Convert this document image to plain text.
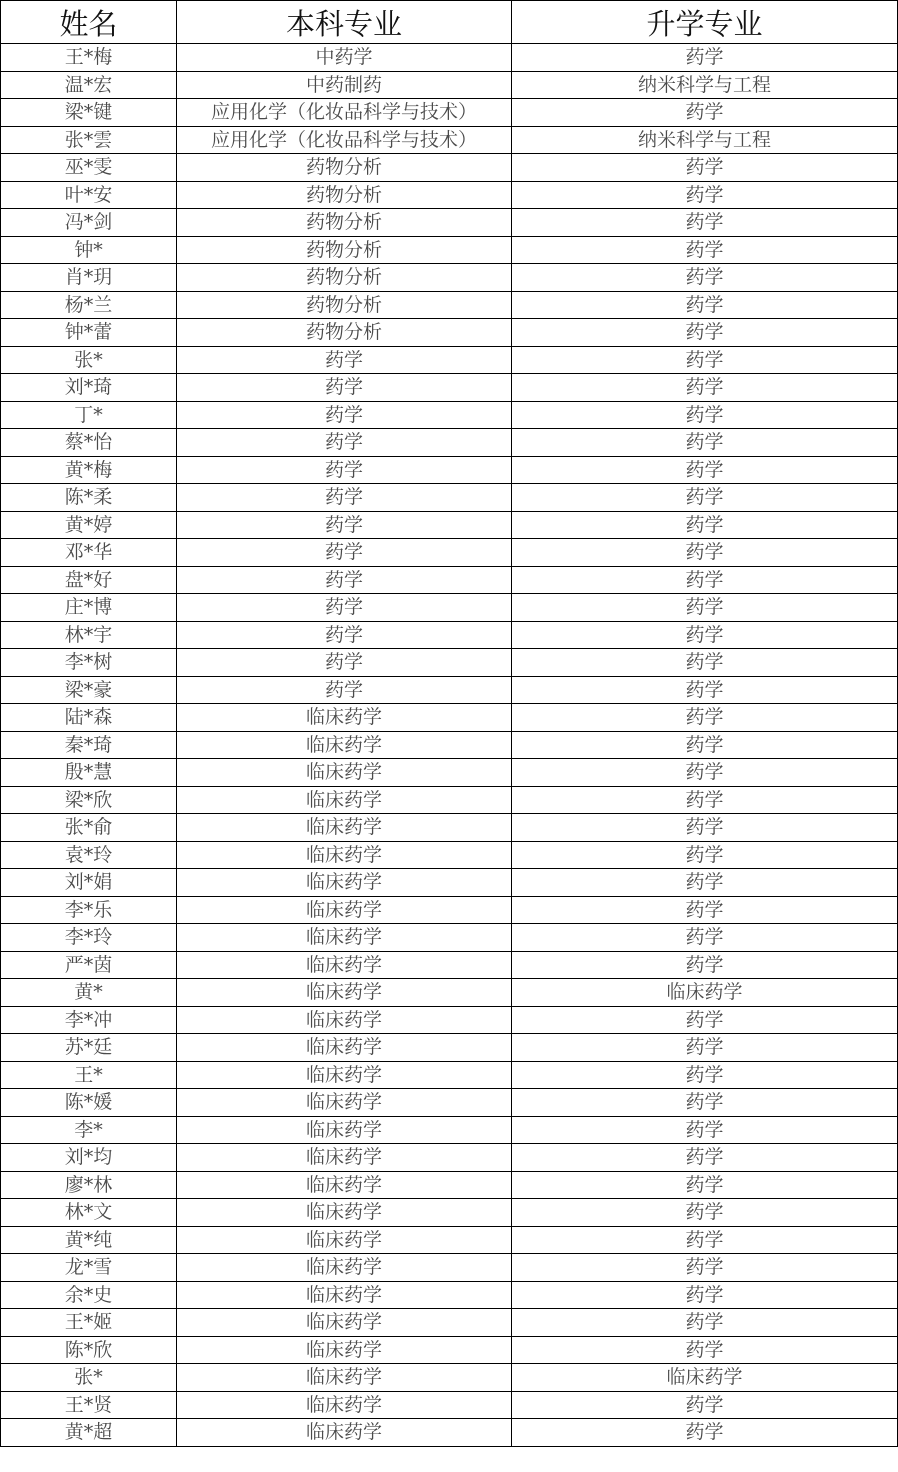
姓名	本科专业	升学专业
王*梅	中药学	药学
温*宏	中药制药	纳米科学与工程
梁*键	应用化学（化妆品科学与技术）	药学
张*雲	应用化学（化妆品科学与技术）	纳米科学与工程
巫*雯	药物分析	药学
叶*安	药物分析	药学
冯*剑	药物分析	药学
钟*	药物分析	药学
肖*玥	药物分析	药学
杨*兰	药物分析	药学
钟*蕾	药物分析	药学
张*	药学	药学
刘*琦	药学	药学
丁*	药学	药学
蔡*怡	药学	药学
黄*梅	药学	药学
陈*柔	药学	药学
黄*婷	药学	药学
邓*华	药学	药学
盘*好	药学	药学
庄*博	药学	药学
林*宇	药学	药学
李*树	药学	药学
梁*豪	药学	药学
陆*森	临床药学	药学
秦*琦	临床药学	药学
殷*慧	临床药学	药学
梁*欣	临床药学	药学
张*俞	临床药学	药学
袁*玲	临床药学	药学
刘*娟	临床药学	药学
李*乐	临床药学	药学
李*玲	临床药学	药学
严*茵	临床药学	药学
黄*	临床药学	临床药学
李*冲	临床药学	药学
苏*廷	临床药学	药学
王*	临床药学	药学
陈*媛	临床药学	药学
李*	临床药学	药学
刘*均	临床药学	药学
廖*林	临床药学	药学
林*文	临床药学	药学
黄*纯	临床药学	药学
龙*雪	临床药学	药学
余*史	临床药学	药学
王*姬	临床药学	药学
陈*欣	临床药学	药学
张*	临床药学	临床药学
王*贤	临床药学	药学
黄*超	临床药学	药学
